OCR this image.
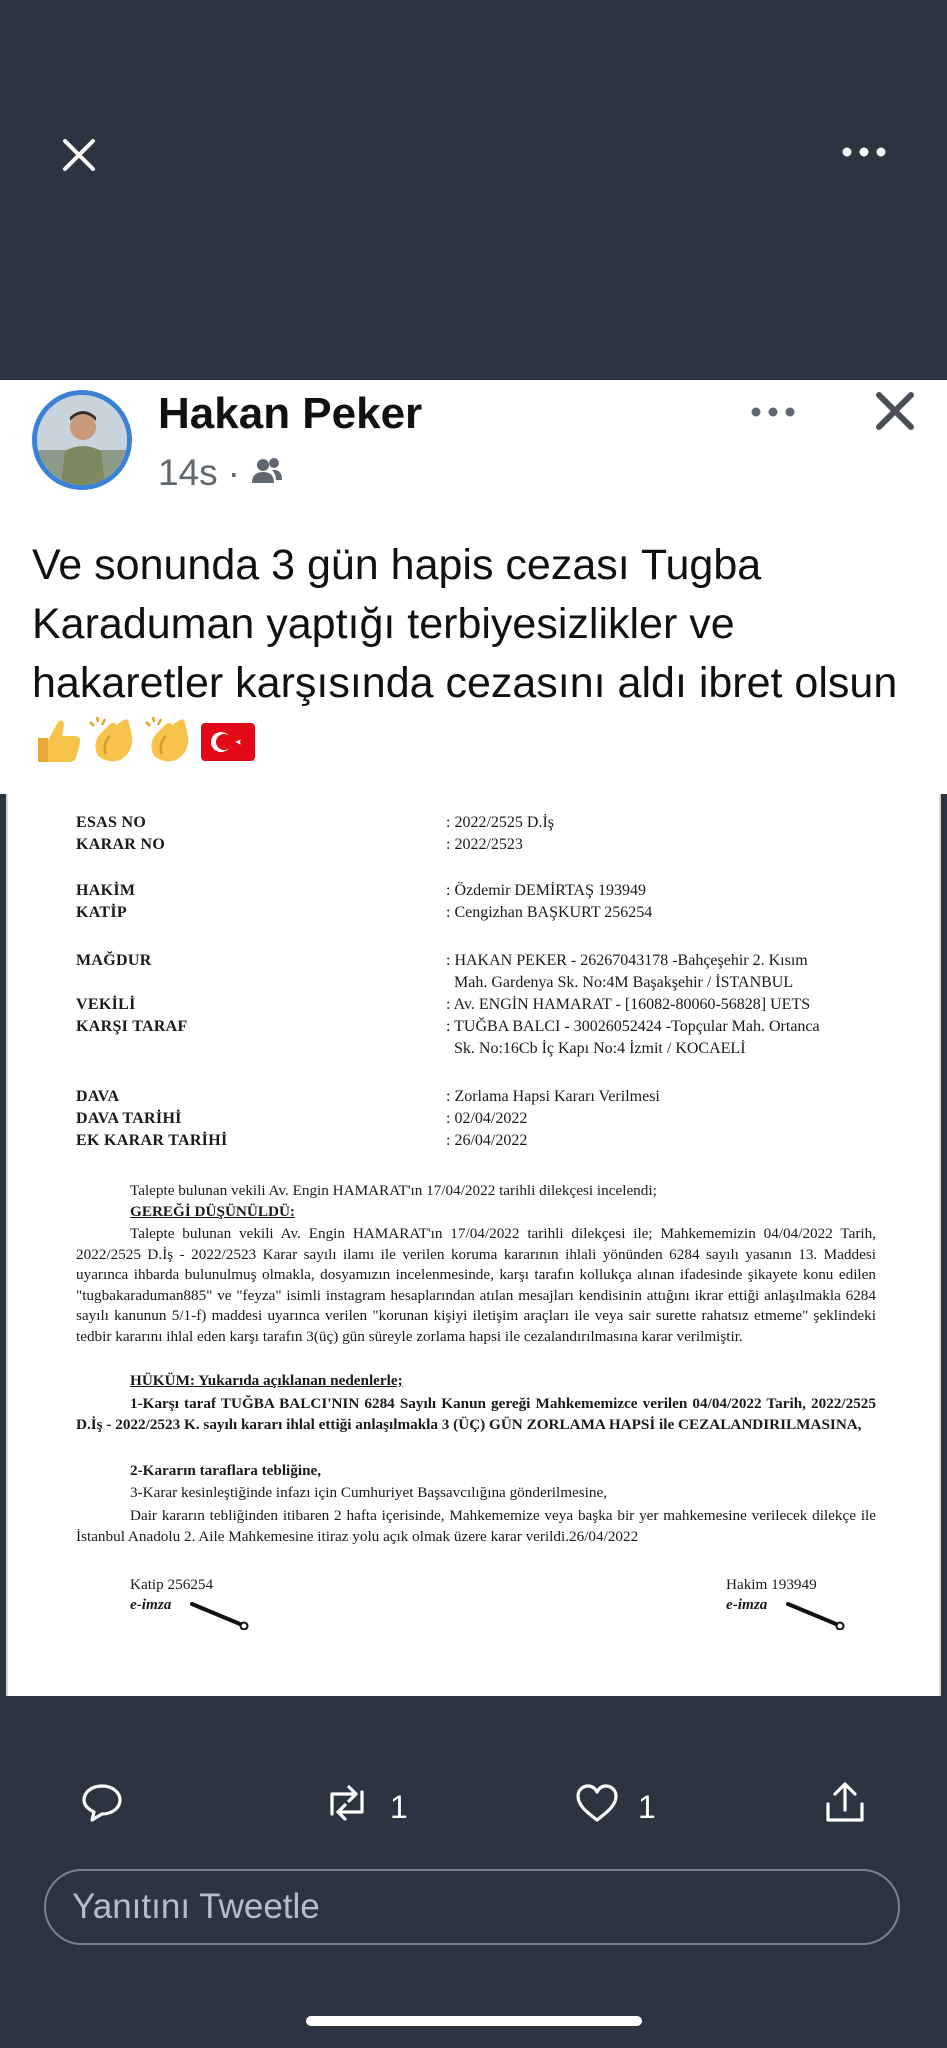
Hakan Peker
14s ·
Ve sonunda 3 gün hapis cezası Tugba Karaduman yaptığı terbiyesizlikler ve hakaretler karşısında cezasını aldı ibret olsun
ESAS NO	: 2022/2525 D.İş
KARAR NO	: 2022/2523
HAKİM	: Özdemir DEMİRTAŞ 193949
KATİP	: Cengizhan BAŞKURT 256254
MAĞDUR	: HAKAN PEKER - 26267043178 -Bahçeşehir 2. Kısım
Mah. Gardenya Sk. No:4M Başakşehir / İSTANBUL
VEKİLİ	: Av. ENGİN HAMARAT - [16082-80060-56828] UETS
KARŞI TARAF	: TUĞBA BALCI - 30026052424 -Topçular Mah. Ortanca
Sk. No:16Cb İç Kapı No:4 İzmit / KOCAELİ
DAVA	: Zorlama Hapsi Kararı Verilmesi
DAVA TARİHİ	: 02/04/2022
EK KARAR TARİHİ	: 26/04/2022
Talepte bulunan vekili Av. Engin HAMARAT'ın 17/04/2022 tarihli dilekçesi incelendi;
GEREĞİ DÜŞÜNÜLDÜ:
Talepte bulunan vekili Av. Engin HAMARAT'ın 17/04/2022 tarihli dilekçesi ile; Mahkememizin 04/04/2022 Tarih, 2022/2525 D.İş - 2022/2523 Karar sayılı ilamı ile verilen koruma kararının ihlali yönünden 6284 sayılı yasanın 13. Maddesi uyarınca ihbarda bulunulmuş olmakla, dosyamızın incelenmesinde, karşı tarafın kollukça alınan ifadesinde şikayete konu edilen "tugbakaraduman885" ve "feyza" isimli instagram hesaplarından atılan mesajları kendisinin attığını ikrar ettiği anlaşılmakla 6284 sayılı kanunun 5/1-f) maddesi uyarınca verilen "korunan kişiyi iletişim araçları ile veya sair surette rahatsız etmeme" şeklindeki tedbir kararını ihlal eden karşı tarafın 3(üç) gün süreyle zorlama hapsi ile cezalandırılmasına karar verilmiştir.
HÜKÜM: Yukarıda açıklanan nedenlerle;
1-Karşı taraf TUĞBA BALCI'NIN 6284 Sayılı Kanun gereği Mahkememizce verilen 04/04/2022 Tarih, 2022/2525 D.İş - 2022/2523 K. sayılı kararı ihlal ettiği anlaşılmakla 3 (ÜÇ) GÜN ZORLAMA HAPSİ ile CEZALANDIRILMASINA,
2-Kararın taraflara tebliğine,
3-Karar kesinleştiğinde infazı için Cumhuriyet Başsavcılığına gönderilmesine,
Dair kararın tebliğinden itibaren 2 hafta içerisinde, Mahkememize veya başka bir yer mahkemesine verilecek dilekçe ile İstanbul Anadolu 2. Aile Mahkemesine itiraz yolu açık olmak üzere karar verildi.26/04/2022
Katip 256254
e-imza
Hakim 193949
e-imza
1	1
Yanıtını Tweetle
